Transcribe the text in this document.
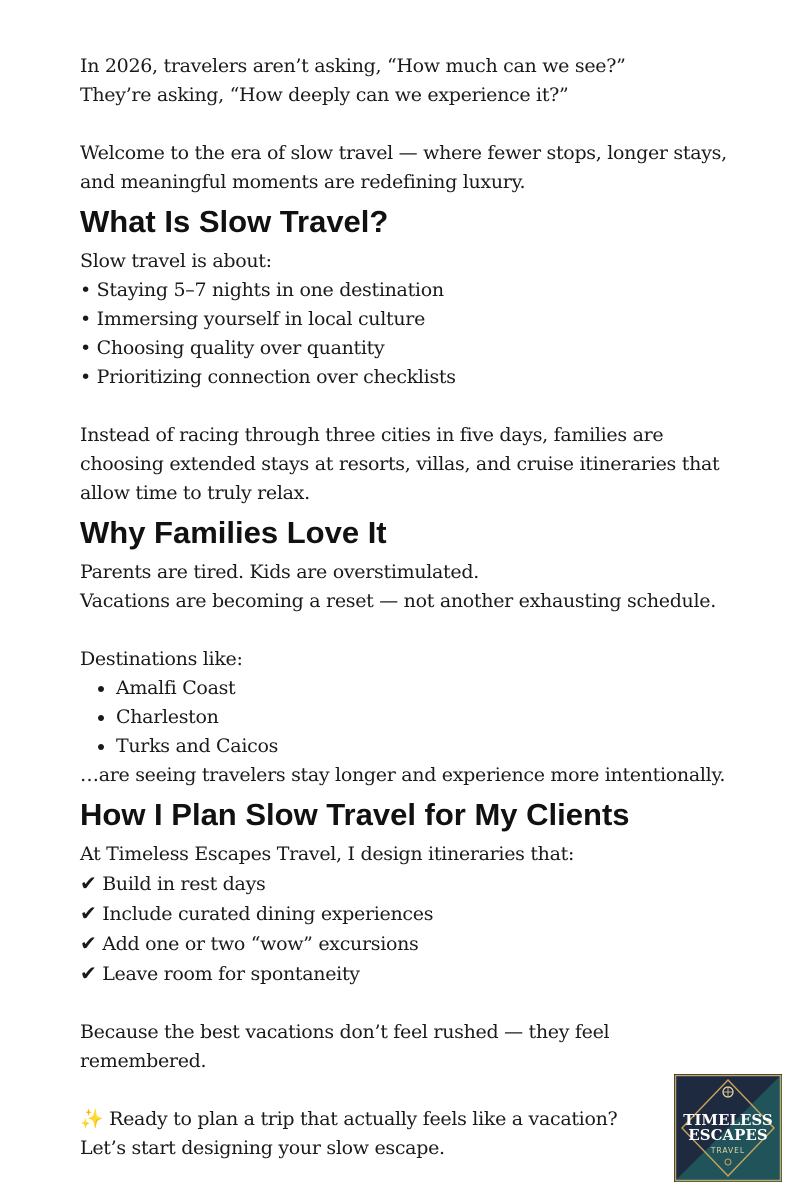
In 2026, travelers aren’t asking, “How much can we see?”

They’re asking, “How deeply can we experience it?”

Welcome to the era of slow travel — where fewer stops, longer stays, and meaningful moments are redefining luxury.

What Is Slow Travel?

Slow travel is about:

• Staying 5–7 nights in one destination

• Immersing yourself in local culture

• Choosing quality over quantity

• Prioritizing connection over checklists

Instead of racing through three cities in five days, families are choosing extended stays at resorts, villas, and cruise itineraries that allow time to truly relax.

Why Families Love It

Parents are tired. Kids are overstimulated.

Vacations are becoming a reset — not another exhausting schedule.

Destinations like:

• Amalfi Coast
• Charleston
• Turks and Caicos

…are seeing travelers stay longer and experience more intentionally.

How I Plan Slow Travel for My Clients

At Timeless Escapes Travel, I design itineraries that:

✔ Build in rest days

✔ Include curated dining experiences

✔ Add one or two “wow” excursions

✔ Leave room for spontaneity

Because the best vacations don’t feel rushed — they feel remembered.

✨ Ready to plan a trip that actually feels like a vacation?

Let’s start designing your slow escape.

TIMELESS
ESCAPES
TRAVEL
